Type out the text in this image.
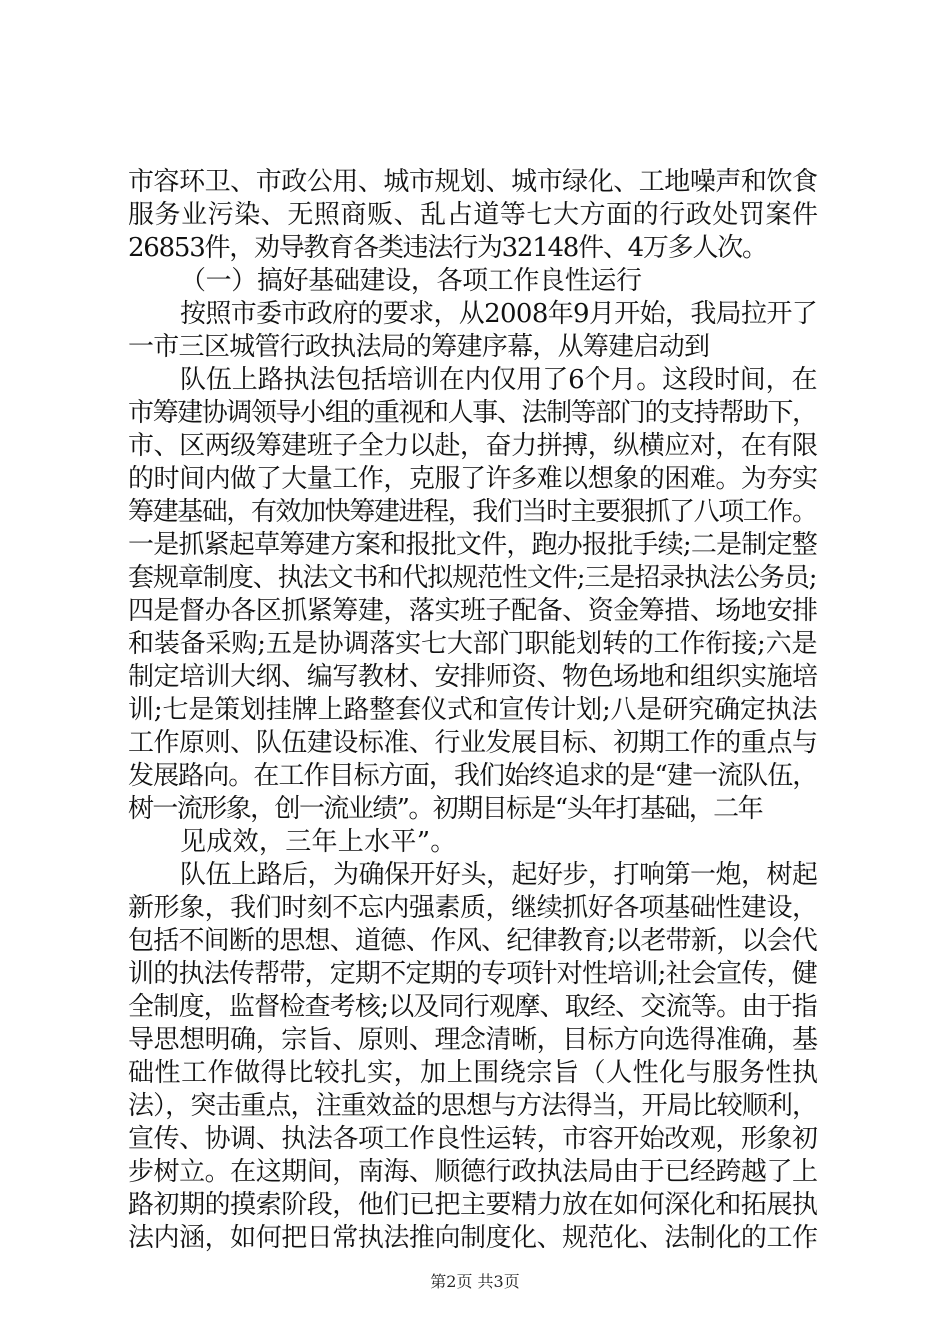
市容环卫、市政公用、城市规划、城市绿化、工地噪声和饮食
服务业污染、无照商贩、乱占道等七大方面的行政处罚案件
26853件，劝导教育各类违法行为32148件、4万多人次。
（一）搞好基础建设，各项工作良性运行
按照市委市政府的要求，从2008年9月开始，我局拉开了
一市三区城管行政执法局的筹建序幕，从筹建启动到
队伍上路执法包括培训在内仅用了6个月。这段时间，在
市筹建协调领导小组的重视和人事、法制等部门的支持帮助下，
市、区两级筹建班子全力以赴，奋力拼搏，纵横应对，在有限
的时间内做了大量工作，克服了许多难以想象的困难。为夯实
筹建基础，有效加快筹建进程，我们当时主要狠抓了八项工作。
一是抓紧起草筹建方案和报批文件，跑办报批手续;二是制定整
套规章制度、执法文书和代拟规范性文件;三是招录执法公务员;
四是督办各区抓紧筹建，落实班子配备、资金筹措、场地安排
和装备采购;五是协调落实七大部门职能划转的工作衔接;六是
制定培训大纲、编写教材、安排师资、物色场地和组织实施培
训;七是策划挂牌上路整套仪式和宣传计划;八是研究确定执法
工作原则、队伍建设标准、行业发展目标、初期工作的重点与
发展路向。在工作目标方面，我们始终追求的是“建一流队伍，
树一流形象，创一流业绩”。初期目标是“头年打基础，二年
见成效，三年上水平”。
队伍上路后，为确保开好头，起好步，打响第一炮，树起
新形象，我们时刻不忘内强素质，继续抓好各项基础性建设，
包括不间断的思想、道德、作风、纪律教育;以老带新，以会代
训的执法传帮带，定期不定期的专项针对性培训;社会宣传，健
全制度，监督检查考核;以及同行观摩、取经、交流等。由于指
导思想明确，宗旨、原则、理念清晰，目标方向选得准确，基
础性工作做得比较扎实，加上围绕宗旨（人性化与服务性执
法），突击重点，注重效益的思想与方法得当，开局比较顺利，
宣传、协调、执法各项工作良性运转，市容开始改观，形象初
步树立。在这期间，南海、顺德行政执法局由于已经跨越了上
路初期的摸索阶段，他们已把主要精力放在如何深化和拓展执
法内涵，如何把日常执法推向制度化、规范化、法制化的工作
第2页 共3页
